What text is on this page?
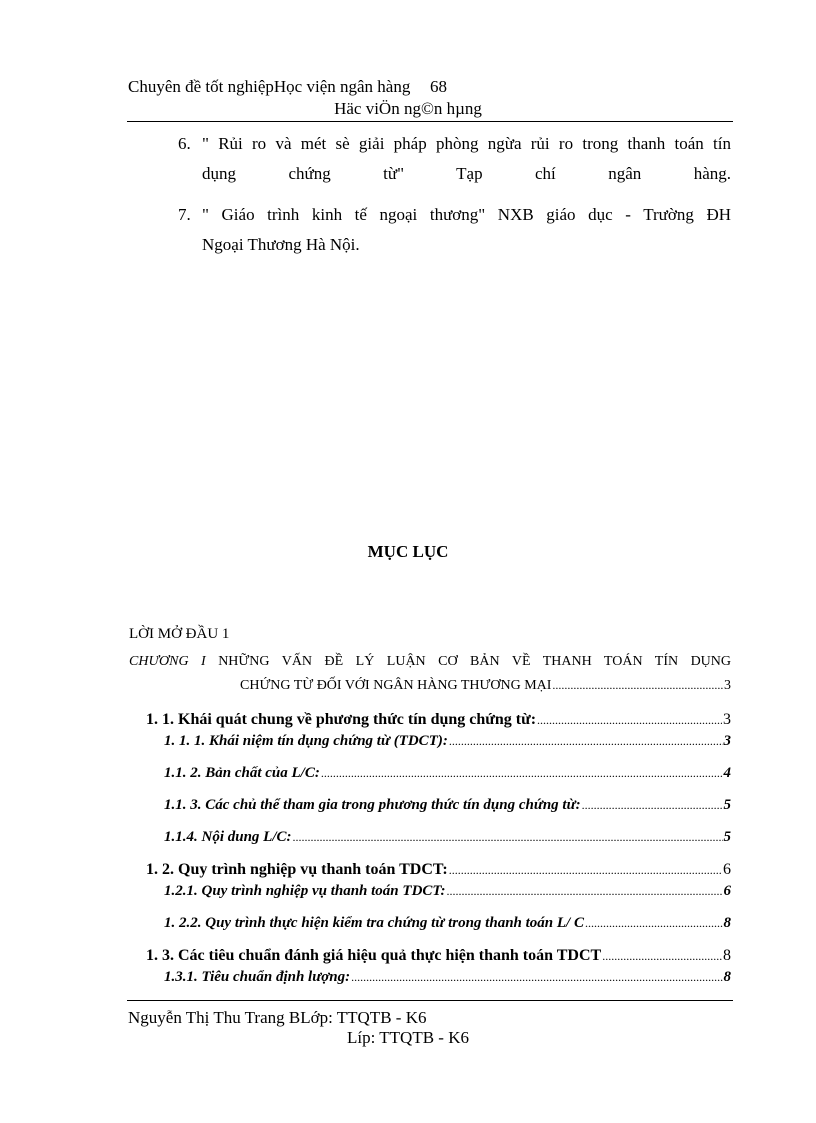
Chuyên đề tốt nghiệpHọc viện ngân hàng 68
Häc viÖn ng©n hµng
6. " Rủi ro và mét sè giải pháp phòng ngừa rủi ro trong thanh toán tín
dụng chứng từ" Tạp chí ngân hàng.
7. " Giáo trình kinh tế ngoại thương" NXB giáo dục - Trường ĐH
Ngoại Thương Hà Nội.
MỤC LỤC
LỜI MỞ ĐẦU 1
CHƯƠNG I NHỮNG VẤN ĐỀ LÝ LUẬN CƠ BẢN VỀ THANH TOÁN TÍN DỤNG
CHỨNG TỪ ĐỐI VỚI NGÂN HÀNG THƯƠNG MẠI .....	3
1. 1. Khái quát chung về phương thức tín dụng chứng từ: .....	3
1. 1. 1. Khái niệm tín dụng chứng từ (TDCT): .....	3
1.1. 2. Bản chất của L/C: .....	4
1.1. 3. Các chủ thể tham gia trong phương thức tín dụng chứng từ: .....	5
1.1.4. Nội dung L/C: .....	5
1. 2. Quy trình nghiệp vụ thanh toán TDCT: .....	6
1.2.1. Quy trình nghiệp vụ thanh toán TDCT: .....	6
1. 2.2. Quy trình thực hiện kiểm tra chứng từ trong thanh toán L/ C .....	8
1. 3. Các tiêu chuẩn đánh giá hiệu quả thực hiện thanh toán TDCT .....	8
1.3.1. Tiêu chuẩn định lượng: .....	8
Nguyễn Thị Thu Trang BLớp: TTQTB - K6
Líp: TTQTB - K6
